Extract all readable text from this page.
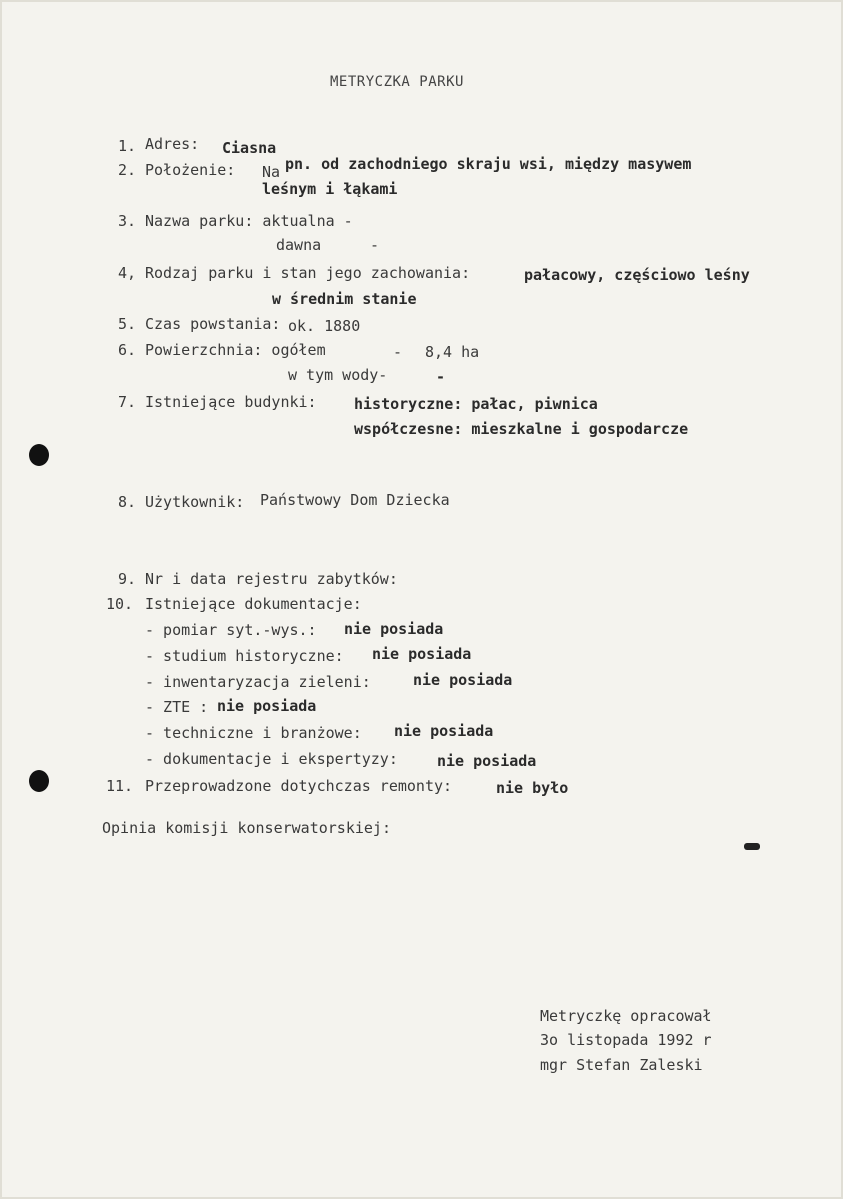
METRYCZKA PARKU
1. Adres: Ciasna
2. Położenie: Na pn. od zachodniego skraju wsi, między masywem
leśnym i łąkami
3. Nazwa parku: aktualna -
dawna	-
4, Rodzaj parku i stan jego zachowania:	pałacowy, częściowo leśny
w średnim stanie
5. Czas powstania: ok. 1880
6. Powierzchnia: ogółem	- 8,4 ha
w tym wody-	-
7. Istniejące budynki: historyczne: pałac, piwnica
współczesne: mieszkalne i gospodarcze
8. Użytkownik: Państwowy Dom Dziecka
9. Nr i data rejestru zabytków:
10. Istniejące dokumentacje:
- pomiar syt.-wys.: nie posiada
- studium historyczne: nie posiada
- inwentaryzacja zieleni:	nie posiada
- ZTE : nie posiada
- techniczne i branżowe: nie posiada
- dokumentacje i ekspertyzy:	nie posiada
11. Przeprowadzone dotychczas remonty:	nie było
Opinia komisji konserwatorskiej:
Metryczkę opracował
3o listopada 1992 r
mgr Stefan Zaleski
